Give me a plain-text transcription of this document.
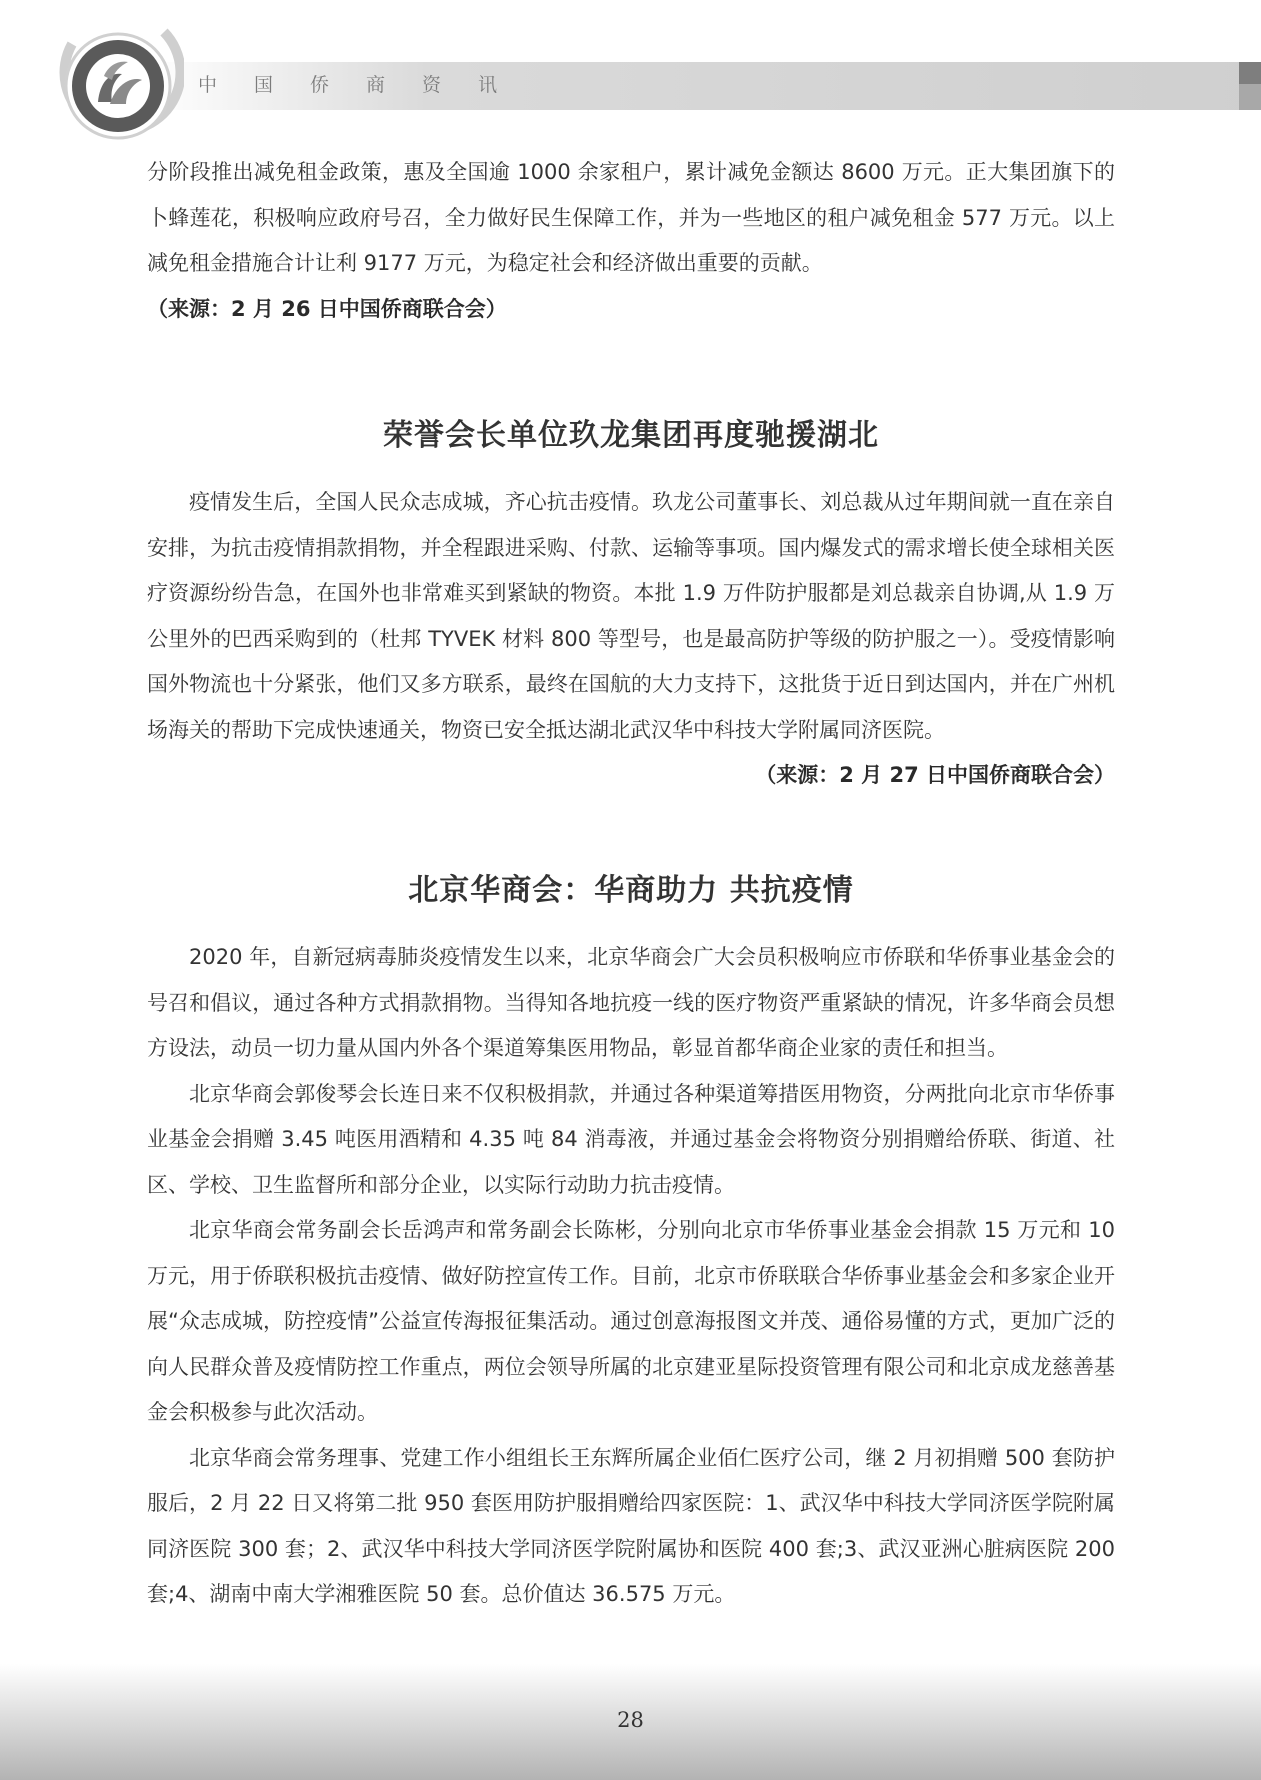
中国侨商资讯

分阶段推出减免租金政策，惠及全国逾 1000 余家租户，累计减免金额达 8600 万元。正大集团旗下的卜蜂莲花，积极响应政府号召，全力做好民生保障工作，并为一些地区的租户减免租金 577 万元。以上减免租金措施合计让利 9177 万元，为稳定社会和经济做出重要的贡献。

（来源：2 月 26 日中国侨商联合会）

荣誉会长单位玖龙集团再度驰援湖北

疫情发生后，全国人民众志成城，齐心抗击疫情。玖龙公司董事长、刘总裁从过年期间就一直在亲自安排，为抗击疫情捐款捐物，并全程跟进采购、付款、运输等事项。国内爆发式的需求增长使全球相关医疗资源纷纷告急，在国外也非常难买到紧缺的物资。本批 1.9 万件防护服都是刘总裁亲自协调,从 1.9 万公里外的巴西采购到的（杜邦 TYVEK 材料 800 等型号，也是最高防护等级的防护服之一）。受疫情影响国外物流也十分紧张，他们又多方联系，最终在国航的大力支持下，这批货于近日到达国内，并在广州机场海关的帮助下完成快速通关，物资已安全抵达湖北武汉华中科技大学附属同济医院。
（来源：2 月 27 日中国侨商联合会）

北京华商会：华商助力 共抗疫情

2020 年，自新冠病毒肺炎疫情发生以来，北京华商会广大会员积极响应市侨联和华侨事业基金会的号召和倡议，通过各种方式捐款捐物。当得知各地抗疫一线的医疗物资严重紧缺的情况，许多华商会员想方设法，动员一切力量从国内外各个渠道筹集医用物品，彰显首都华商企业家的责任和担当。

北京华商会郭俊琴会长连日来不仅积极捐款，并通过各种渠道筹措医用物资，分两批向北京市华侨事业基金会捐赠 3.45 吨医用酒精和 4.35 吨 84 消毒液，并通过基金会将物资分别捐赠给侨联、街道、社区、学校、卫生监督所和部分企业，以实际行动助力抗击疫情。

北京华商会常务副会长岳鸿声和常务副会长陈彬，分别向北京市华侨事业基金会捐款 15 万元和 10 万元，用于侨联积极抗击疫情、做好防控宣传工作。目前，北京市侨联联合华侨事业基金会和多家企业开展“众志成城，防控疫情”公益宣传海报征集活动。通过创意海报图文并茂、通俗易懂的方式，更加广泛的向人民群众普及疫情防控工作重点，两位会领导所属的北京建亚星际投资管理有限公司和北京成龙慈善基金会积极参与此次活动。

北京华商会常务理事、党建工作小组组长王东辉所属企业佰仁医疗公司，继 2 月初捐赠 500 套防护服后，2 月 22 日又将第二批 950 套医用防护服捐赠给四家医院：1、武汉华中科技大学同济医学院附属同济医院 300 套；2、武汉华中科技大学同济医学院附属协和医院 400 套;3、武汉亚洲心脏病医院 200 套;4、湖南中南大学湘雅医院 50 套。总价值达 36.575 万元。

28
